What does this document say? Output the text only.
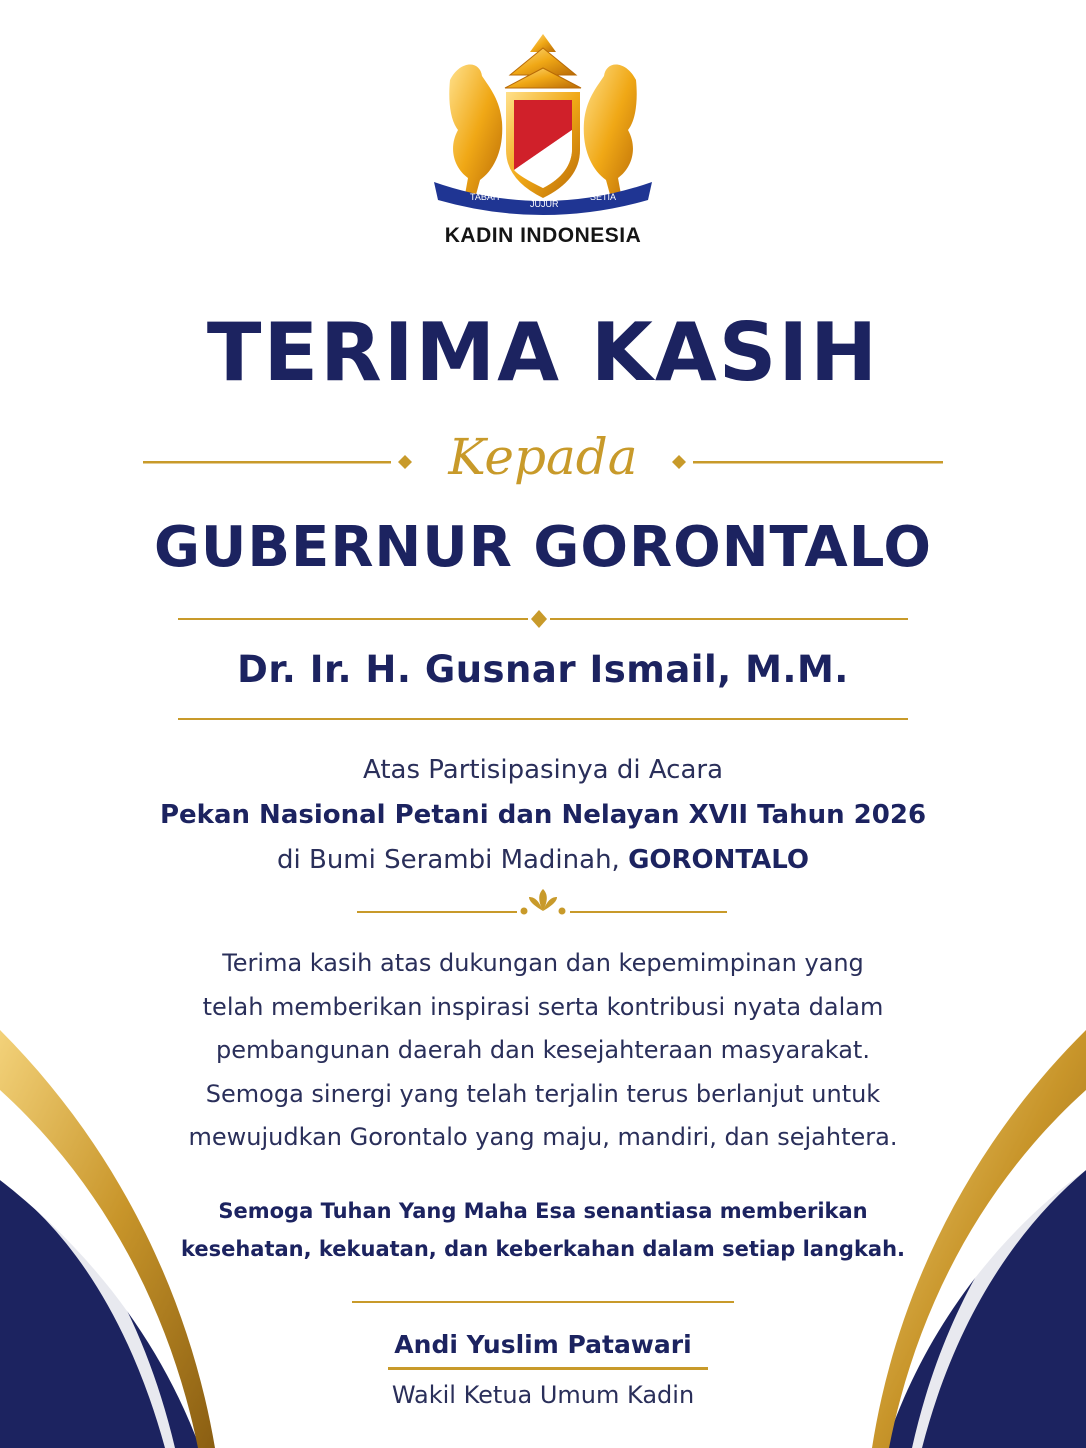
TABAH
JUJUR
SETIA
KADIN INDONESIA
TERIMA KASIH
Kepada
GUBERNUR GORONTALO
Dr. Ir. H. Gusnar Ismail, M.M.
Atas Partisipasinya di Acara
Pekan Nasional Petani dan Nelayan XVII Tahun 2026
di Bumi Serambi Madinah, GORONTALO
Terima kasih atas dukungan dan kepemimpinan yang
telah memberikan inspirasi serta kontribusi nyata dalam
pembangunan daerah dan kesejahteraan masyarakat.
Semoga sinergi yang telah terjalin terus berlanjut untuk
mewujudkan Gorontalo yang maju, mandiri, dan sejahtera.
Semoga Tuhan Yang Maha Esa senantiasa memberikan
kesehatan, kekuatan, dan keberkahan dalam setiap langkah.
Andi Yuslim Patawari
Wakil Ketua Umum Kadin
